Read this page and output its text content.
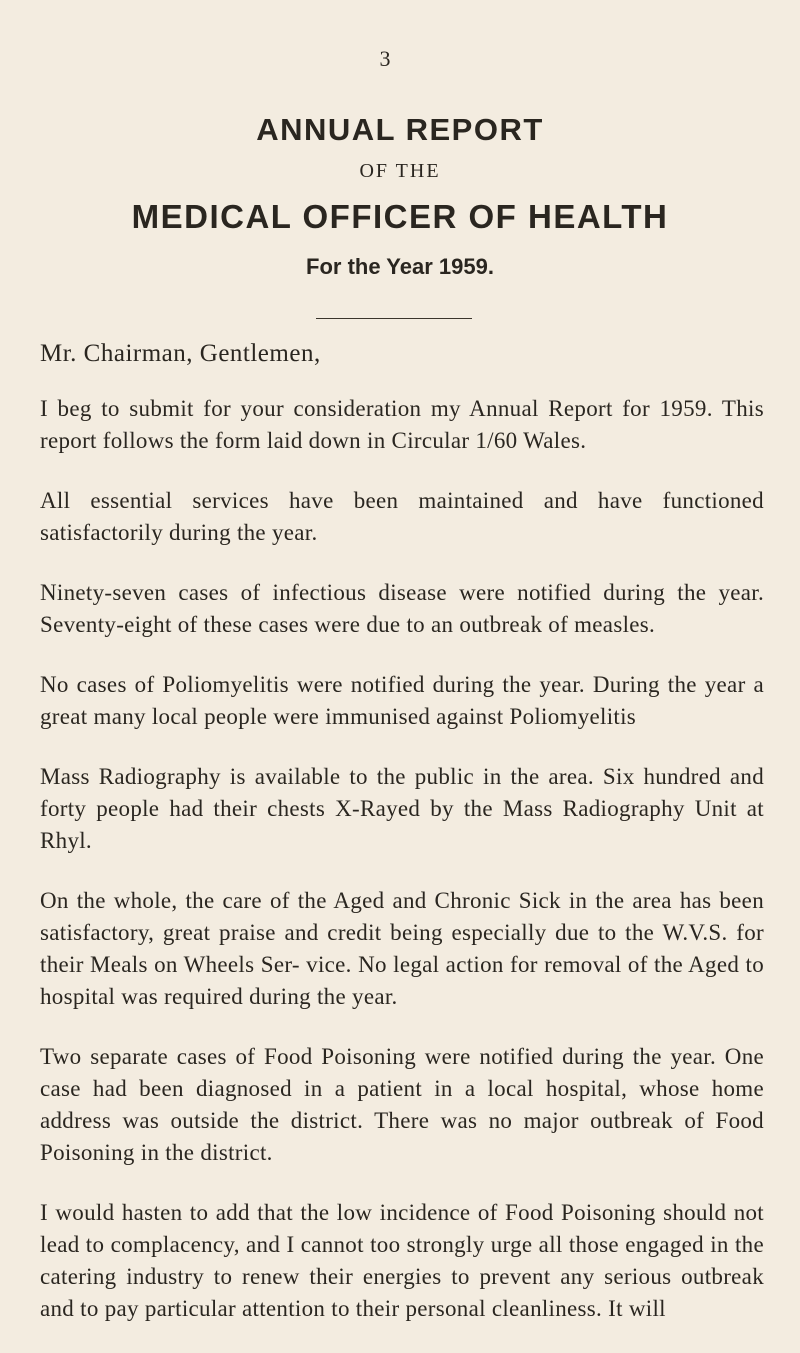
3
ANNUAL REPORT
OF THE
MEDICAL OFFICER OF HEALTH
For the Year 1959.
Mr. Chairman, Gentlemen,

I beg to submit for your consideration my Annual Report for 1959. This report follows the form laid down in Circular 1/60 Wales.

All essential services have been maintained and have functioned satisfactorily during the year.

Ninety-seven cases of infectious disease were notified during the year. Seventy-eight of these cases were due to an outbreak of measles.

No cases of Poliomyelitis were notified during the year. During the year a great many local people were immunised against Poliomyelitis

Mass Radiography is available to the public in the area. Six hundred and forty people had their chests X-Rayed by the Mass Radiography Unit at Rhyl.

On the whole, the care of the Aged and Chronic Sick in the area has been satisfactory, great praise and credit being especially due to the W.V.S. for their Meals on Wheels Ser- vice. No legal action for removal of the Aged to hospital was required during the year.

Two separate cases of Food Poisoning were notified during the year. One case had been diagnosed in a patient in a local hospital, whose home address was outside the district. There was no major outbreak of Food Poisoning in the district.

I would hasten to add that the low incidence of Food Poisoning should not lead to complacency, and I cannot too strongly urge all those engaged in the catering industry to renew their energies to prevent any serious outbreak and to pay particular attention to their personal cleanliness. It will
